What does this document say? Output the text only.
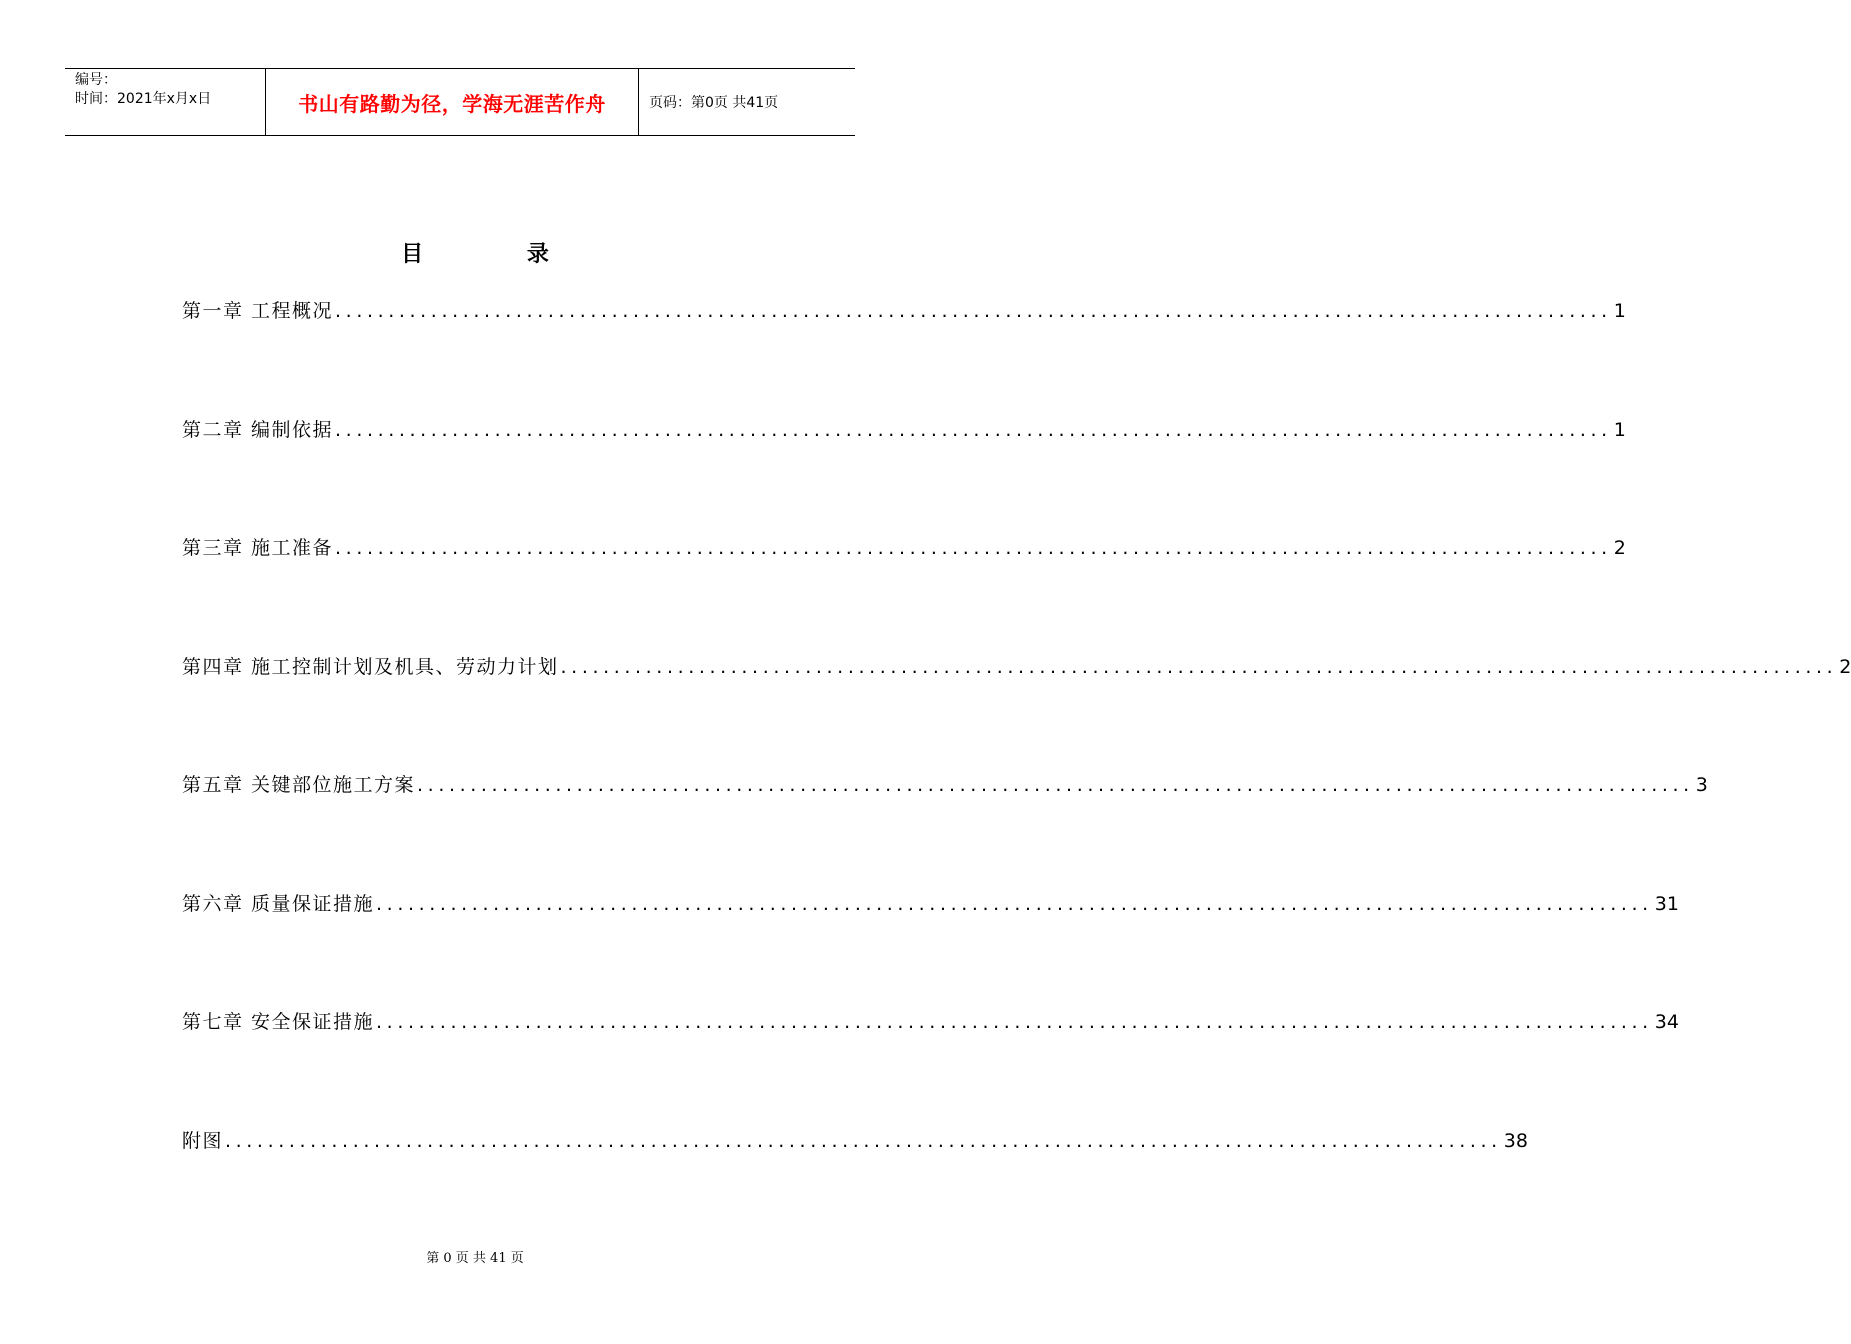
编号：
时间：2021年x月x日	书山有路勤为径，学海无涯苦作舟	页码：第0页 共41页
目 录
第一章 工程概况 ........................................................................................................................ 1
第二章 编制依据 ........................................................................................................................ 1
第三章 施工准备 ........................................................................................................................ 2
第四章 施工控制计划及机具、劳动力计划 ........................................................................................................................ 2
第五章 关键部位施工方案 ........................................................................................................................ 3
第六章 质量保证措施 ........................................................................................................................ 31
第七章 安全保证措施 ........................................................................................................................ 34
附图 ........................................................................................................................ 38
第 0 页 共 41 页
